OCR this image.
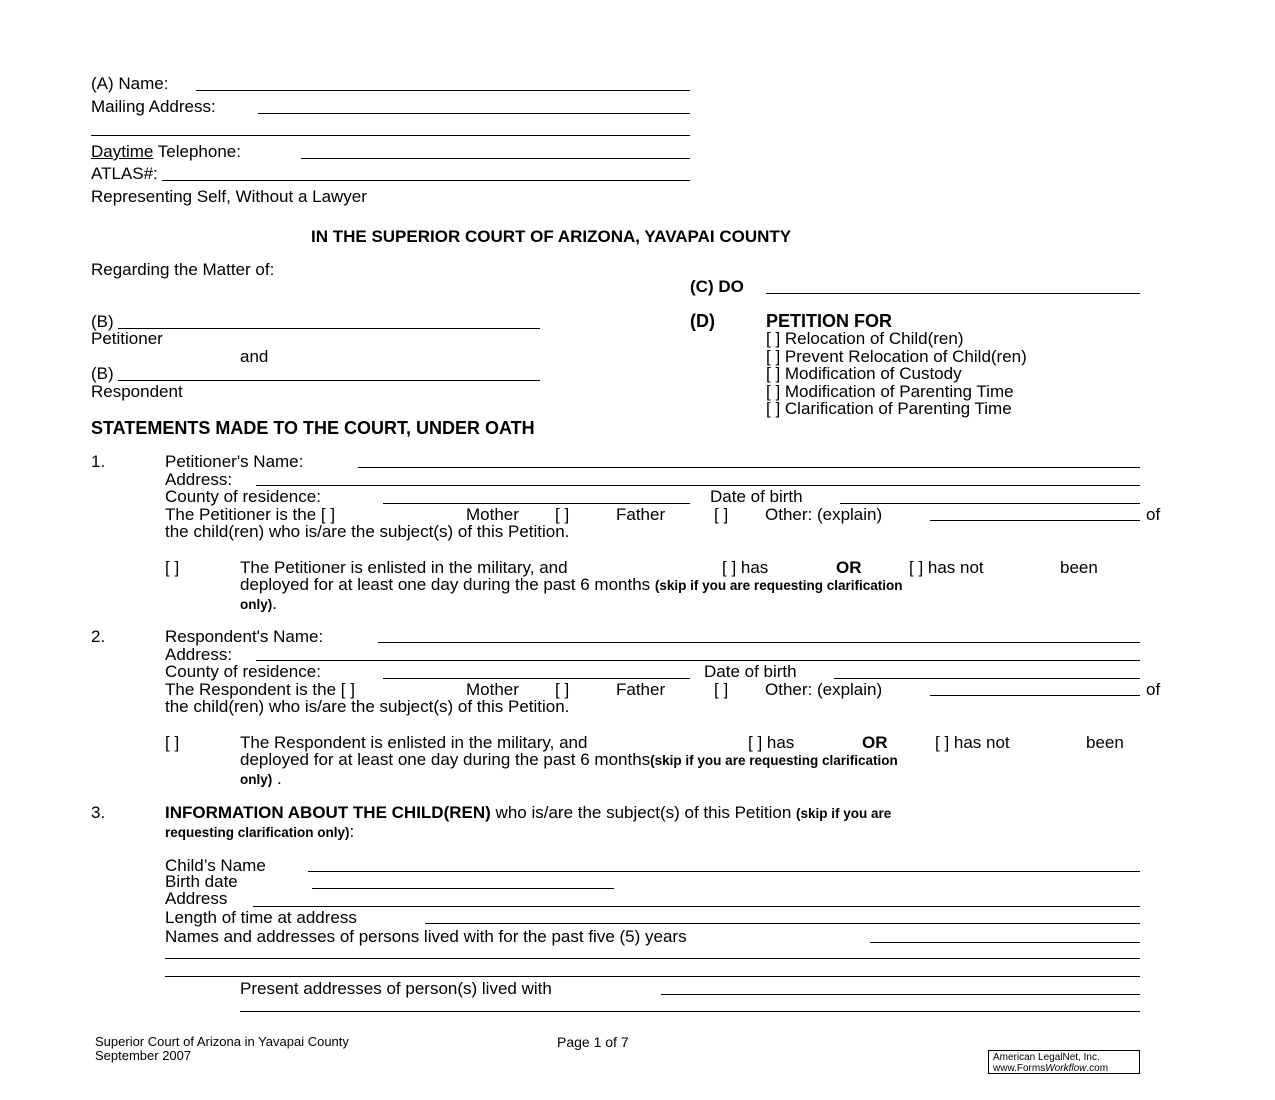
(A) Name:
Mailing Address:
Daytime Telephone:
ATLAS#:
Representing Self, Without a Lawyer
IN THE SUPERIOR COURT OF ARIZONA, YAVAPAI COUNTY
Regarding the Matter of:
(C) DO
(B)
Petitioner
and
(B)
Respondent
(D)	PETITION FOR
[ ] Relocation of Child(ren)
[ ] Prevent Relocation of Child(ren)
[ ] Modification of Custody
[ ] Modification of Parenting Time
[ ] Clarification of Parenting Time
STATEMENTS MADE TO THE COURT, UNDER OATH
1.	Petitioner's Name:
Address:
County of residence:	Date of birth
The Petitioner is the [ ]	Mother [ ]	Father	[ ] Other: (explain)	of
the child(ren) who is/are the subject(s) of this Petition.
[ ]	The Petitioner is enlisted in the military, and	[ ] has	OR	[ ] has not	been
deployed for at least one day during the past 6 months (skip if you are requesting clarification
only).
2.	Respondent's Name:
Address:
County of residence:	Date of birth
The Respondent is the [ ]	Mother [ ]	Father	[ ] Other: (explain)	of
the child(ren) who is/are the subject(s) of this Petition.
[ ]	The Respondent is enlisted in the military, and	[ ] has	OR	[ ] has not	been
deployed for at least one day during the past 6 months(skip if you are requesting clarification
only) .
3.	INFORMATION ABOUT THE CHILD(REN) who is/are the subject(s) of this Petition (skip if you are
requesting clarification only):
Child’s Name
Birth date
Address
Length of time at address
Names and addresses of persons lived with for the past five (5) years
Present addresses of person(s) lived with
Superior Court of Arizona in Yavapai County
September 2007
Page 1 of 7
American LegalNet, Inc.
www.FormsWorkflow.com
